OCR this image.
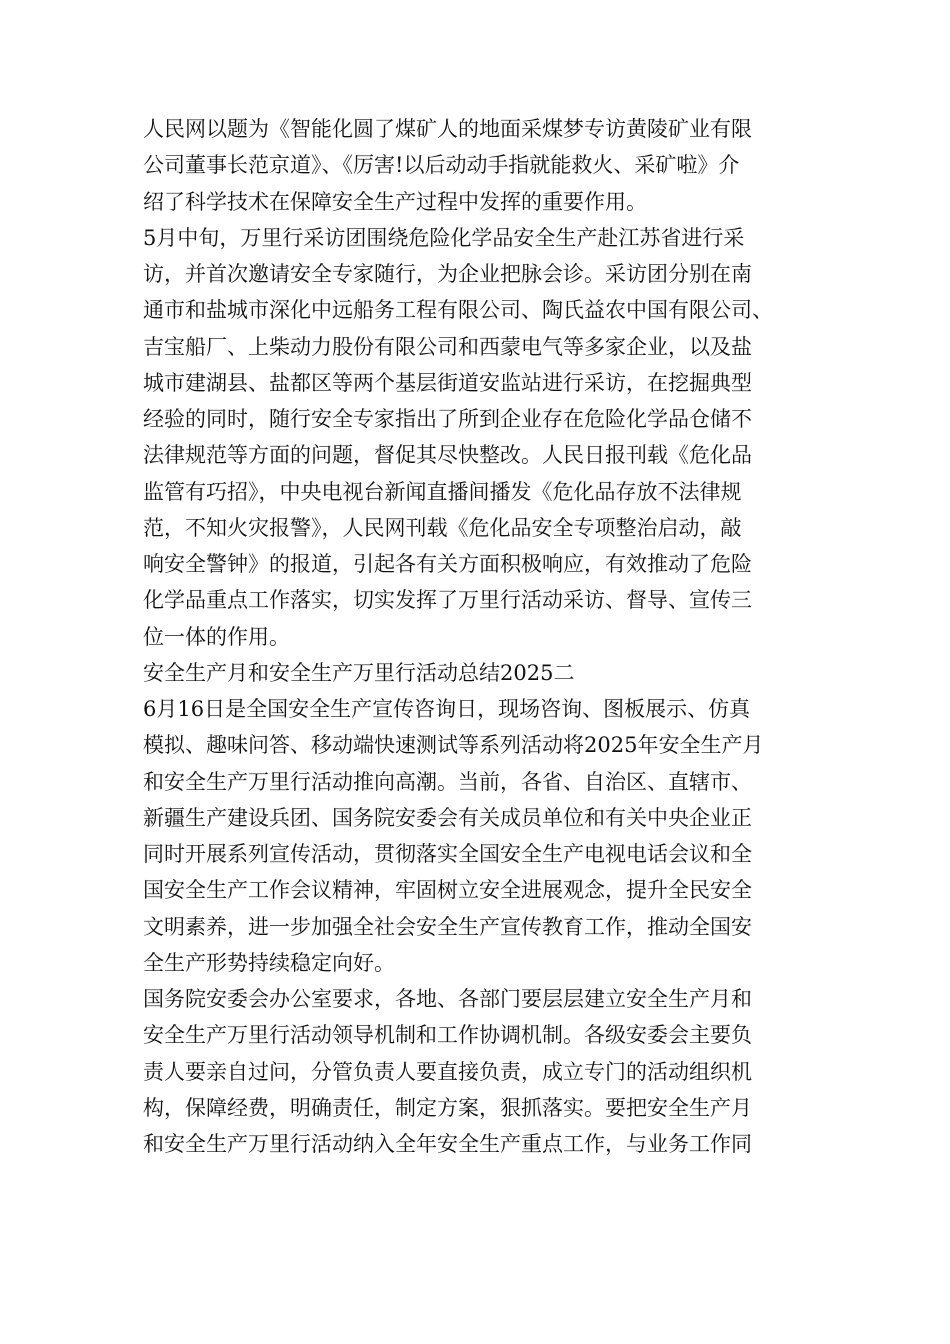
人民网以题为《智能化圆了煤矿人的地面采煤梦专访黄陵矿业有限
公司董事长范京道》、《厉害!以后动动手指就能救火、采矿啦》介
绍了科学技术在保障安全生产过程中发挥的重要作用。
5月中旬，万里行采访团围绕危险化学品安全生产赴江苏省进行采
访，并首次邀请安全专家随行，为企业把脉会诊。采访团分别在南
通市和盐城市深化中远船务工程有限公司、陶氏益农中国有限公司、
吉宝船厂、上柴动力股份有限公司和西蒙电气等多家企业，以及盐
城市建湖县、盐都区等两个基层街道安监站进行采访，在挖掘典型
经验的同时，随行安全专家指出了所到企业存在危险化学品仓储不
法律规范等方面的问题，督促其尽快整改。人民日报刊载《危化品
监管有巧招》，中央电视台新闻直播间播发《危化品存放不法律规
范，不知火灾报警》，人民网刊载《危化品安全专项整治启动，敲
响安全警钟》的报道，引起各有关方面积极响应，有效推动了危险
化学品重点工作落实，切实发挥了万里行活动采访、督导、宣传三
位一体的作用。
安全生产月和安全生产万里行活动总结2025二
6月16日是全国安全生产宣传咨询日，现场咨询、图板展示、仿真
模拟、趣味问答、移动端快速测试等系列活动将2025年安全生产月
和安全生产万里行活动推向高潮。当前，各省、自治区、直辖市、
新疆生产建设兵团、国务院安委会有关成员单位和有关中央企业正
同时开展系列宣传活动，贯彻落实全国安全生产电视电话会议和全
国安全生产工作会议精神，牢固树立安全进展观念，提升全民安全
文明素养，进一步加强全社会安全生产宣传教育工作，推动全国安
全生产形势持续稳定向好。
国务院安委会办公室要求，各地、各部门要层层建立安全生产月和
安全生产万里行活动领导机制和工作协调机制。各级安委会主要负
责人要亲自过问，分管负责人要直接负责，成立专门的活动组织机
构，保障经费，明确责任，制定方案，狠抓落实。要把安全生产月
和安全生产万里行活动纳入全年安全生产重点工作，与业务工作同
